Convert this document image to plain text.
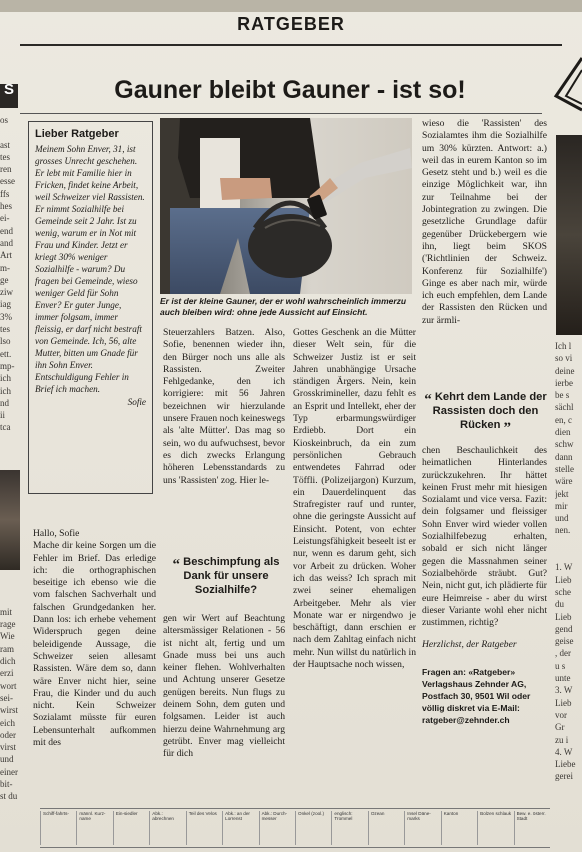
RATGEBER
Gauner bleibt Gauner - ist so!
S
os

ast
tes
ren
esse
ffs
hes
ei-
end
and
Art
m-
ge
ziw
iag
3%
tes
lso
ett.
mp-
ich
ich
nd
ii
tca

mit
rage
Wie
ram
dich
erzi
wort
sei-
wirst
eich
oder
virst
und
einer
bit-
st du
Ich l
so vi
deine
ierbe
be s
sächl
en, c
dien
schw
dann
stelle
wäre
jekt
mir
und
nen.

1. W
Lieb
sche
du
Lieb
gend
geise
, der
u s
unte
3. W
Lieb
vor
Gr
zu i
4. W
Liebe
gerei
Lieber Ratgeber
Meinem Sohn Enver, 31, ist grosses Unrecht geschehen. Er lebt mit Familie hier in Fricken, findet keine Arbeit, weil Schweizer viel Rassisten. Er nimmt Sozialhilfe bei Gemeinde seit 2 Jahr. Ist zu wenig, warum er in Not mit Frau und Kinder. Jetzt er kriegt 30% weniger Sozialhilfe - warum? Du fragen bei Gemeinde, wieso weniger Geld für Sohn Enver? Er guter Junge, immer folgsam, immer fleissig, er darf nicht bestraft von Gemeinde. Ich, 56, alte Mutter, bitten um Gnade für ihn Sohn Enver. Entschuldigung Fehler in Brief ich machen.
Sofie
Er ist der kleine Gauner, der er wohl wahrscheinlich immerzu auch bleiben wird: ohne jede Aussicht auf Einsicht.

Hallo, Sofie
Mache dir keine Sorgen um die Fehler im Brief. Das erledige ich: die orthographischen beseitige ich ebenso wie die vom falschen Sachverhalt und falschen Grundgedanken her. Dann los: ich erhebe vehement Widerspruch gegen deine beleidigende Aussage, die Schweizer seien allesamt Rassisten. Wäre dem so, dann wäre Enver nicht hier, seine Frau, die Kinder und du auch nicht. Kein Schweizer Sozialamt müsste für euren Lebensunterhalt aufkommen mit des

Steuerzahlers Batzen. Also, Sofie, benennen wieder ihn, den Bürger noch uns alle als Rassisten. Zweiter Fehlgedanke, den ich korrigiere: mit 56 Jahren bezeichnen wir hierzulande unsere Frauen noch keineswegs als 'alte Mütter'. Das mag so sein, wo du aufwuchsest, bevor es dich zwecks Erlangung höheren Lebensstandards zu uns 'Rassisten' zog. Hier le-

“ Beschimpfung als Dank für unsere Sozialhilfe?

gen wir Wert auf Beachtung altersmässiger Relationen - 56 ist nicht alt, fertig und um Gnade muss bei uns auch keiner flehen. Wohlverhalten und Achtung unserer Gesetze genügen bereits. Nun flugs zu deinem Sohn, dem guten und folgsamen. Leider ist auch hierzu deine Wahrnehmung arg getrübt. Enver mag vielleicht für dich

Gottes Geschenk an die Mütter dieser Welt sein, für die Schweizer Justiz ist er seit Jahren unabhängige Ursache ständigen Ärgers. Nein, kein Grosskrimineller, dazu fehlt es an Esprit und Intellekt, eher der Typ erbarmungswürdiger Erdiebb. Dort ein Kioskeinbruch, da ein zum persönlichen Gebrauch entwendetes Fahrrad oder Töffli. (Polizeijargon) Kurzum, ein Dauerdelinquent das Strafregister rauf und runter, ohne die geringste Aussicht auf Einsicht. Potent, von echter Leistungsfähigkeit beseelt ist er nur, wenn es darum geht, sich vor Arbeit zu drücken. Woher ich das weiss? Ich sprach mit zwei seiner ehemaligen Arbeitgeber. Mehr als vier Monate war er nirgendwo je beschäftigt, dann erschien er nach dem Zahltag einfach nicht mehr. Nun willst du natürlich in der Hauptsache noch wissen,

wieso die 'Rassisten' des Sozialamtes ihm die Sozialhilfe um 30% kürzten. Antwort: a.) weil das in eurem Kanton so im Gesetz steht und b.) weil es die einzige Möglichkeit war, ihn zur Teilnahme bei der Jobintegration zu zwingen. Die gesetzliche Grundlage dafür gegenüber Drückebergern wie ihn, liegt beim SKOS ('Richtlinien der Schweiz. Konferenz für Sozialhilfe') Ginge es aber nach mir, würde ich euch empfehlen, dem Lande der Rassisten den Rücken und zur ärmli-

“ Kehrt dem Lande der Rassisten doch den Rücken ”

chen Beschaulichkeit des heimatlichen Hinterlandes zurückzukehren. Ihr hättet keinen Frust mehr mit hiesigen Sozialamt und vice versa. Fazit: dein folgsamer und fleissiger Sohn Enver wird wieder vollen Sozialhilfebezug erhalten, sobald er sich nicht länger gegen die Massnahmen seiner Sozialbehörde sträubt. Gut? Nein, nicht gut, ich plädierte für eure Heimreise - aber du wirst dieser Variante wohl eher nicht zustimmen, richtig?

Herzlichst, der Ratgeber

Fragen an: «Ratgeber» Verlagshaus Zehnder AG, Postfach 30, 9501 Wil oder völlig diskret via E-Mail: ratgeber@zehnder.ch

Schiff-fahrts-	männl. Kurz-name
Ein-siedler	Abk.: abrechnen
Teil des Velos	Abk.: an der Lorrenst
Abk.: Durch-messer
Onkel (zool.)	englisch: Trommel
Ozean	Insel Däne-marks
Kanton	Bolzen schlauk	Bew. e. österr. Stadt
